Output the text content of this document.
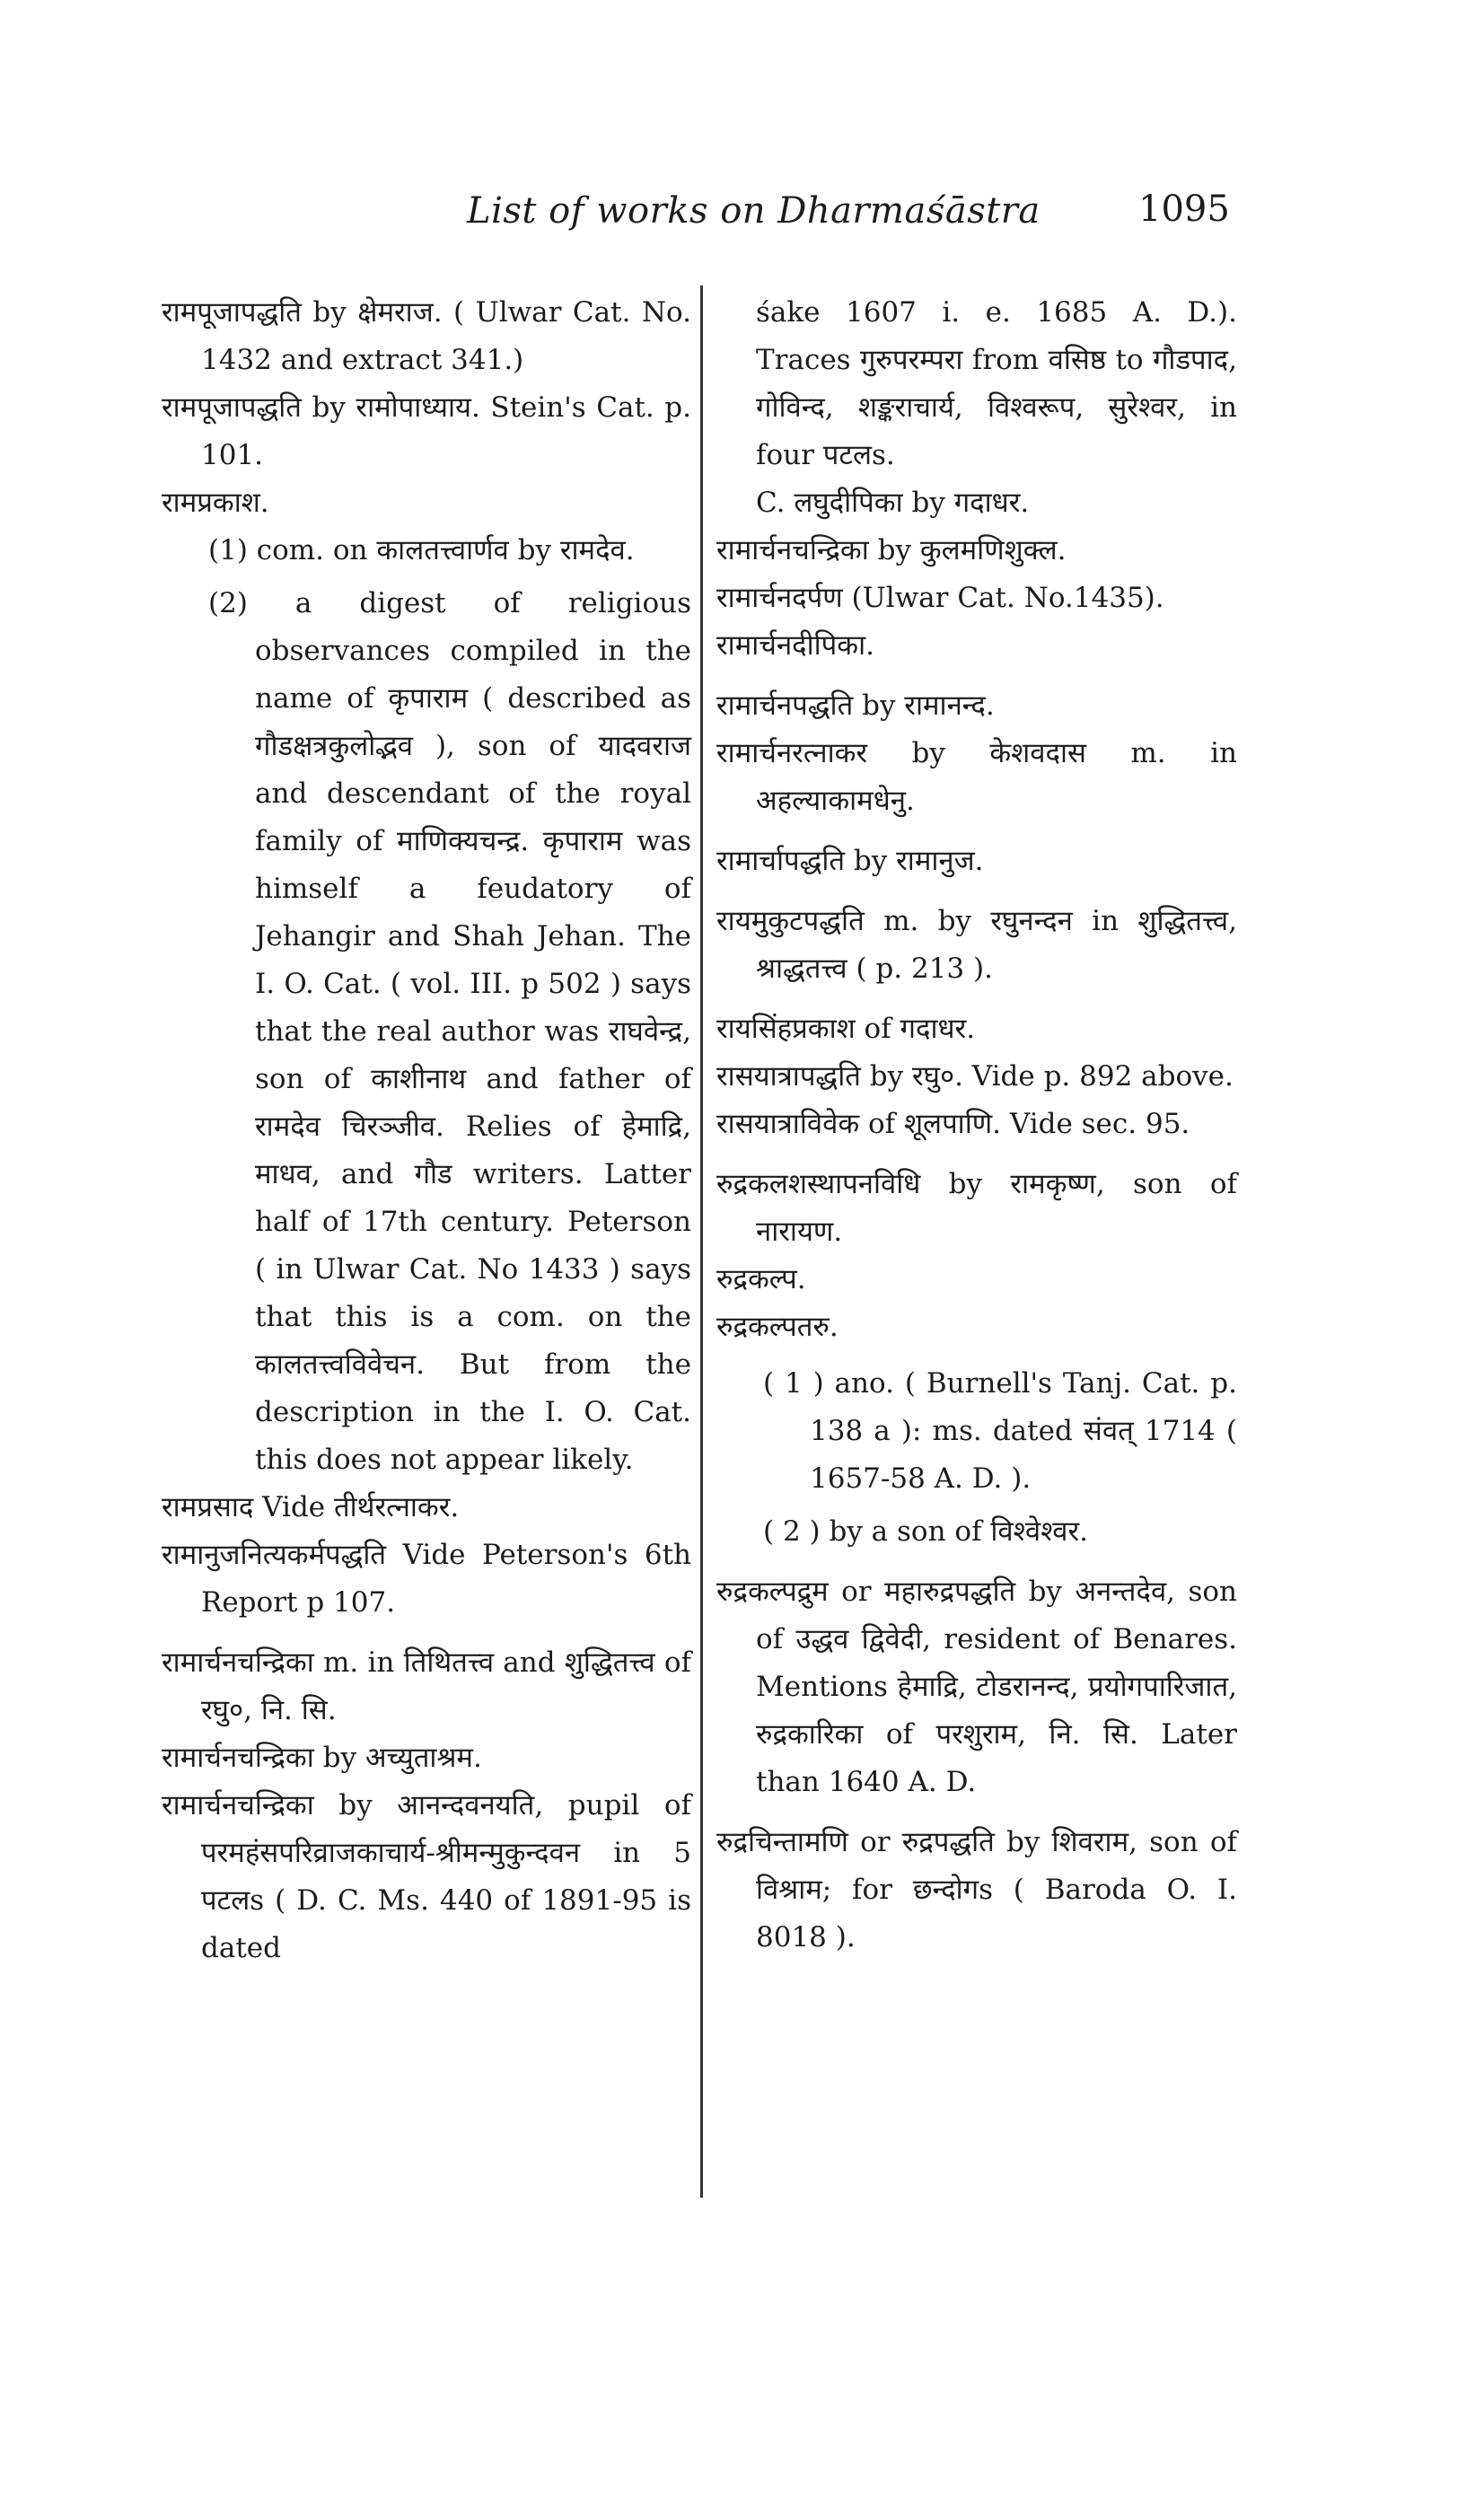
List of works on Dharmaśāstra	1095

रामपूजापद्धति by क्षेमराज. ( Ulwar Cat. No. 1432 and extract 341.)

रामपूजापद्धति by रामोपाध्याय. Stein's Cat. p. 101.

रामप्रकाश.
(1) com. on कालतत्त्वार्णव by रामदेव.
(2) a digest of religious observances compiled in the name of कृपाराम ( described as गौडक्षत्रकुलोद्भव ), son of यादवराज and descendant of the royal family of माणिक्यचन्द्र. कृपाराम was himself a feudatory of Jehangir and Shah Jehan. The I. O. Cat. ( vol. III. p 502 ) says that the real author was राघवेन्द्र, son of काशीनाथ and father of रामदेव चिरञ्जीव. Relies of हेमाद्रि, माधव, and गौड writers. Latter half of 17th century. Peterson ( in Ulwar Cat. No 1433 ) says that this is a com. on the कालतत्त्वविवेचन. But from the description in the I. O. Cat. this does not appear likely.

रामप्रसाद Vide तीर्थरत्नाकर.

रामानुजनित्यकर्मपद्धति Vide Peterson's 6th Report p 107.

रामार्चनचन्द्रिका m. in तिथितत्त्व and शुद्धितत्त्व of रघु०, नि. सि.

रामार्चनचन्द्रिका by अच्युताश्रम.

रामार्चनचन्द्रिका by आनन्दवनयति, pupil of परमहंसपरिव्राजकाचार्य-श्रीमन्मुकुन्दवन in 5 पटलs ( D. C. Ms. 440 of 1891-95 is dated

śake 1607 i. e. 1685 A. D.). Traces गुरुपरम्परा from वसिष्ठ to गौडपाद, गोविन्द, शङ्कराचार्य, विश्वरूप, सुरेश्वर, in four पटलs.
C. लघुदीपिका by गदाधर.

रामार्चनचन्द्रिका by कुलमणिशुक्ल.

रामार्चनदर्पण (Ulwar Cat. No.1435).

रामार्चनदीपिका.

रामार्चनपद्धति by रामानन्द.

रामार्चनरत्नाकर by केशवदास m. in अहल्याकामधेनु.

रामार्चापद्धति by रामानुज.

रायमुकुटपद्धति m. by रघुनन्दन in शुद्धितत्त्व, श्राद्धतत्त्व ( p. 213 ).

रायसिंहप्रकाश of गदाधर.

रासयात्रापद्धति by रघु०. Vide p. 892 above.

रासयात्राविवेक of शूलपाणि. Vide sec. 95.

रुद्रकलशस्थापनविधि by रामकृष्ण, son of नारायण.

रुद्रकल्प.

रुद्रकल्पतरु.
( 1 ) ano. ( Burnell's Tanj. Cat. p. 138 a ): ms. dated संवत् 1714 ( 1657-58 A. D. ).
( 2 ) by a son of विश्वेश्वर.

रुद्रकल्पद्रुम or महारुद्रपद्धति by अनन्तदेव, son of उद्धव द्विवेदी, resident of Benares. Mentions हेमाद्रि, टोडरानन्द, प्रयोगपारिजात, रुद्रकारिका of परशुराम, नि. सि. Later than 1640 A. D.

रुद्रचिन्तामणि or रुद्रपद्धति by शिवराम, son of विश्राम; for छन्दोगs ( Baroda O. I. 8018 ).
